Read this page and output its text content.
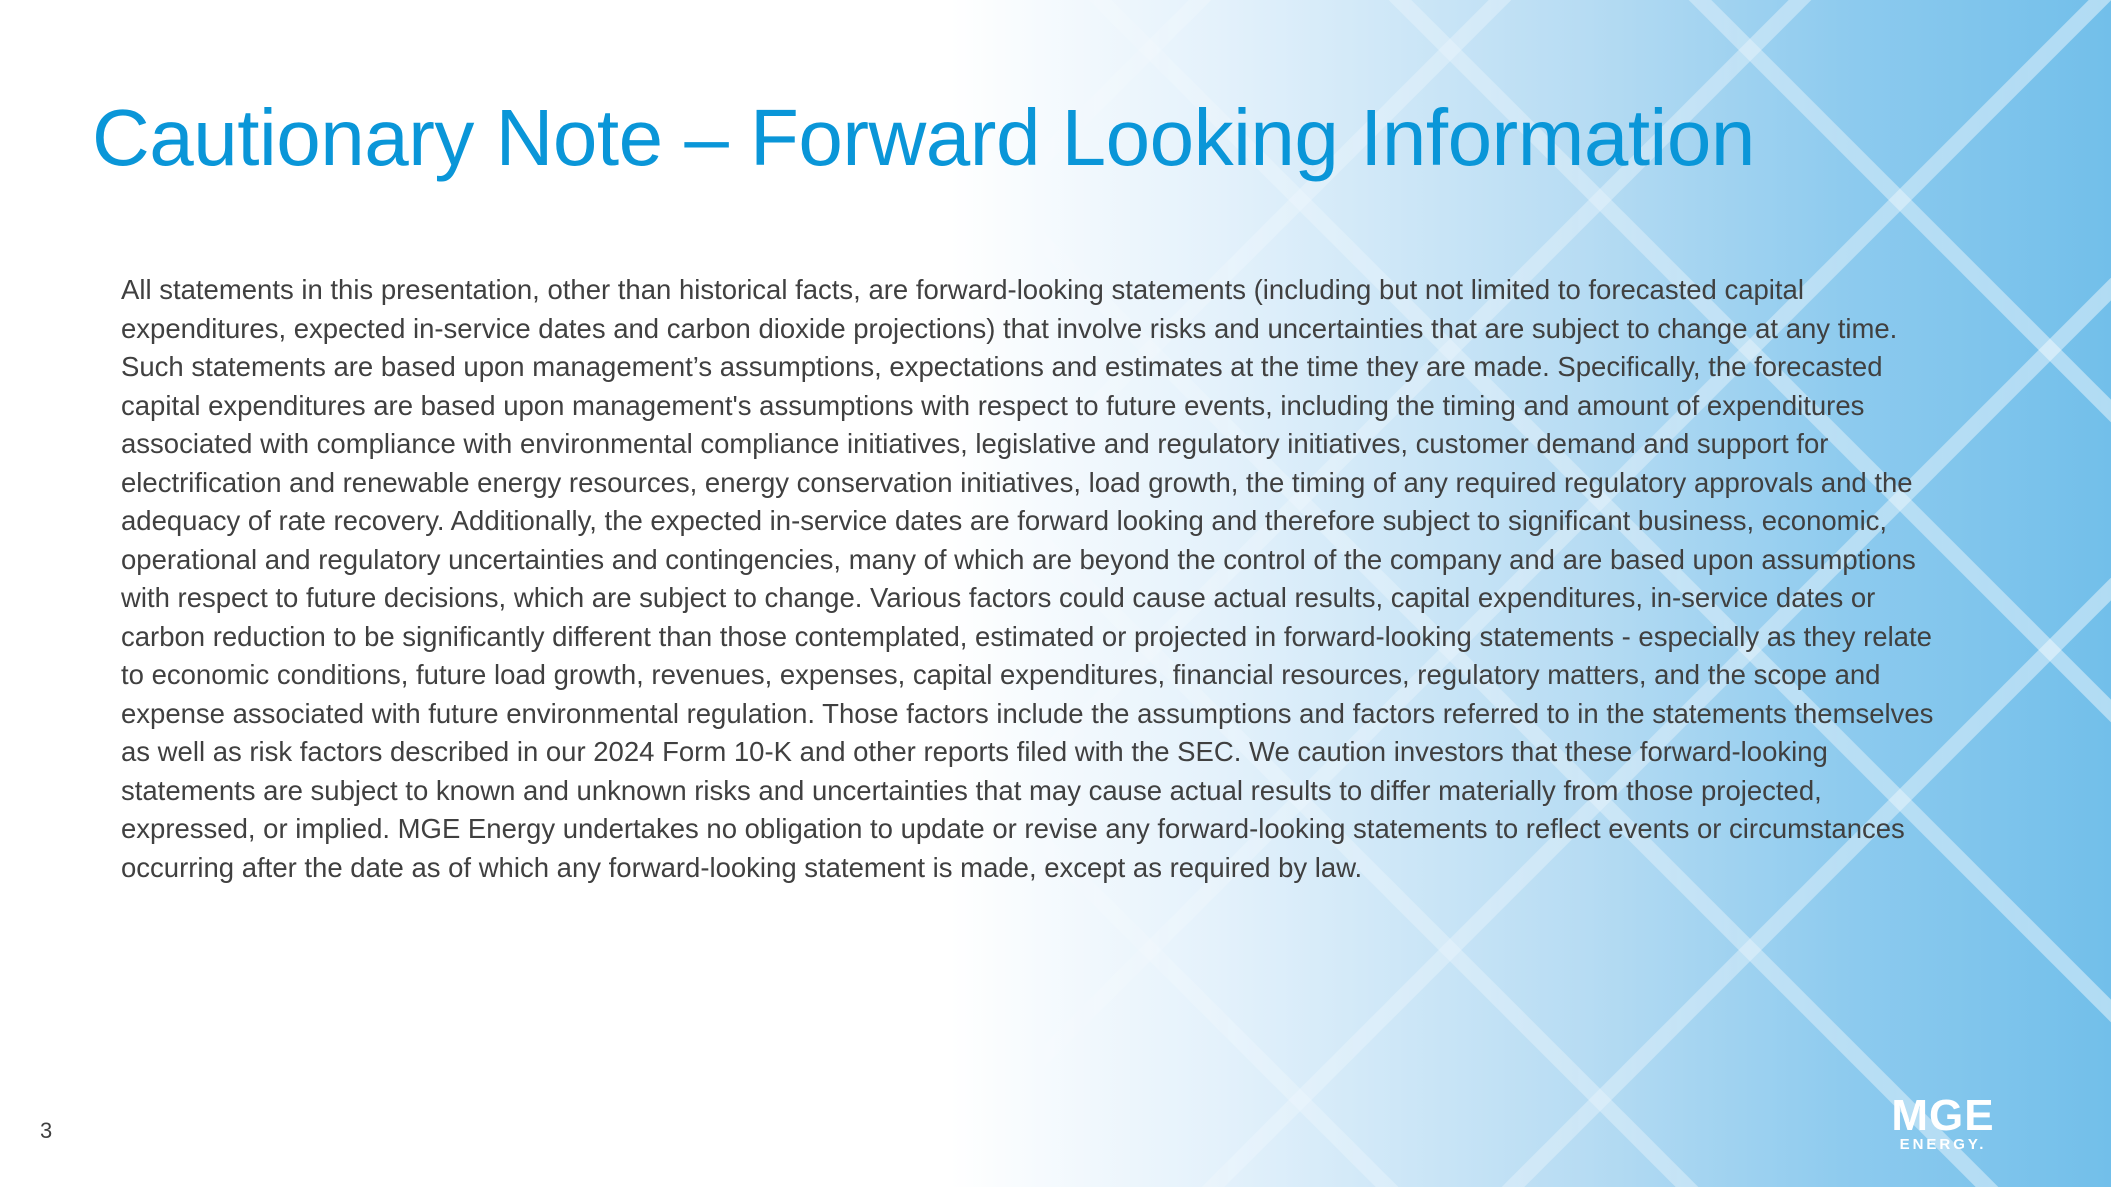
Cautionary Note – Forward Looking Information

All statements in this presentation, other than historical facts, are forward-looking statements (including but not limited to forecasted capital expenditures, expected in-service dates and carbon dioxide projections) that involve risks and uncertainties that are subject to change at any time. Such statements are based upon management’s assumptions, expectations and estimates at the time they are made. Specifically, the forecasted capital expenditures are based upon management's assumptions with respect to future events, including the timing and amount of expenditures associated with compliance with environmental compliance initiatives, legislative and regulatory initiatives, customer demand and support for electrification and renewable energy resources, energy conservation initiatives, load growth, the timing of any required regulatory approvals and the adequacy of rate recovery. Additionally, the expected in-service dates are forward looking and therefore subject to significant business, economic, operational and regulatory uncertainties and contingencies, many of which are beyond the control of the company and are based upon assumptions with respect to future decisions, which are subject to change. Various factors could cause actual results, capital expenditures, in-service dates or carbon reduction to be significantly different than those contemplated, estimated or projected in forward-looking statements - especially as they relate to economic conditions, future load growth, revenues, expenses, capital expenditures, financial resources, regulatory matters, and the scope and expense associated with future environmental regulation. Those factors include the assumptions and factors referred to in the statements themselves as well as risk factors described in our 2024 Form 10-K and other reports filed with the SEC. We caution investors that these forward-looking statements are subject to known and unknown risks and uncertainties that may cause actual results to differ materially from those projected, expressed, or implied. MGE Energy undertakes no obligation to update or revise any forward-looking statements to reflect events or circumstances occurring after the date as of which any forward-looking statement is made, except as required by law.

3	MGE
ENERGY.
